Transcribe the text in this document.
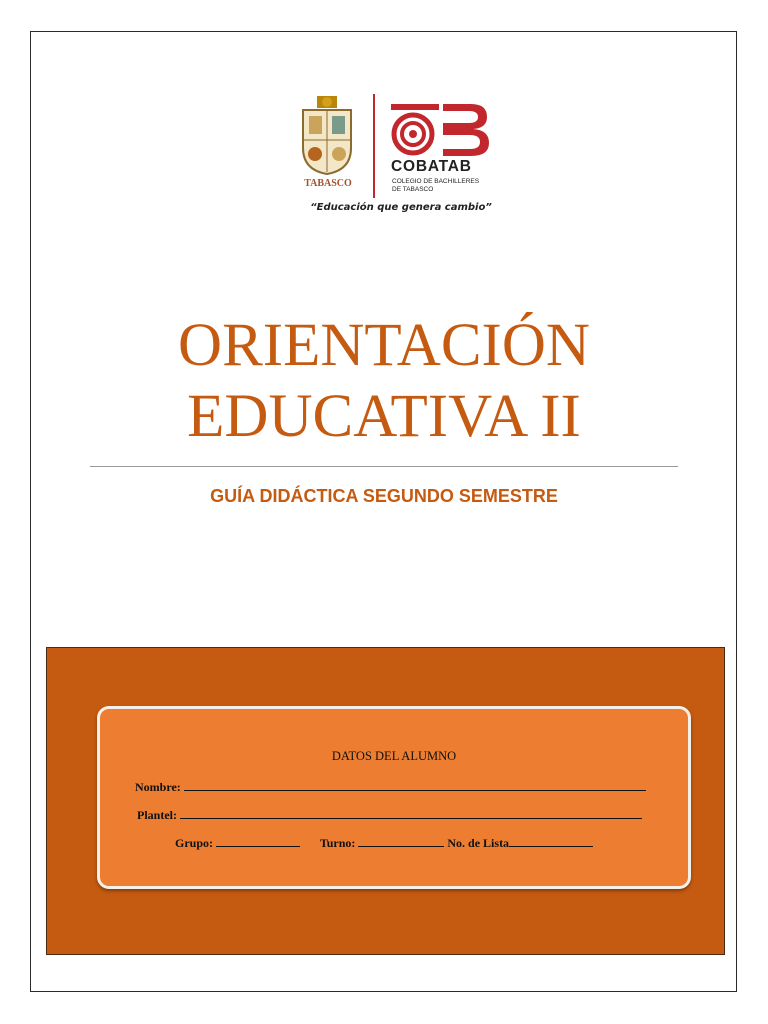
TABASCO
COBATAB
COLEGIO DE BACHILLERES
DE TABASCO
“Educación que genera cambio”
ORIENTACIÓN
EDUCATIVA II
GUÍA DIDÁCTICA SEGUNDO SEMESTRE
DATOS DEL ALUMNO
Nombre:
Plantel:
Grupo:	Turno:	No. de Lista
